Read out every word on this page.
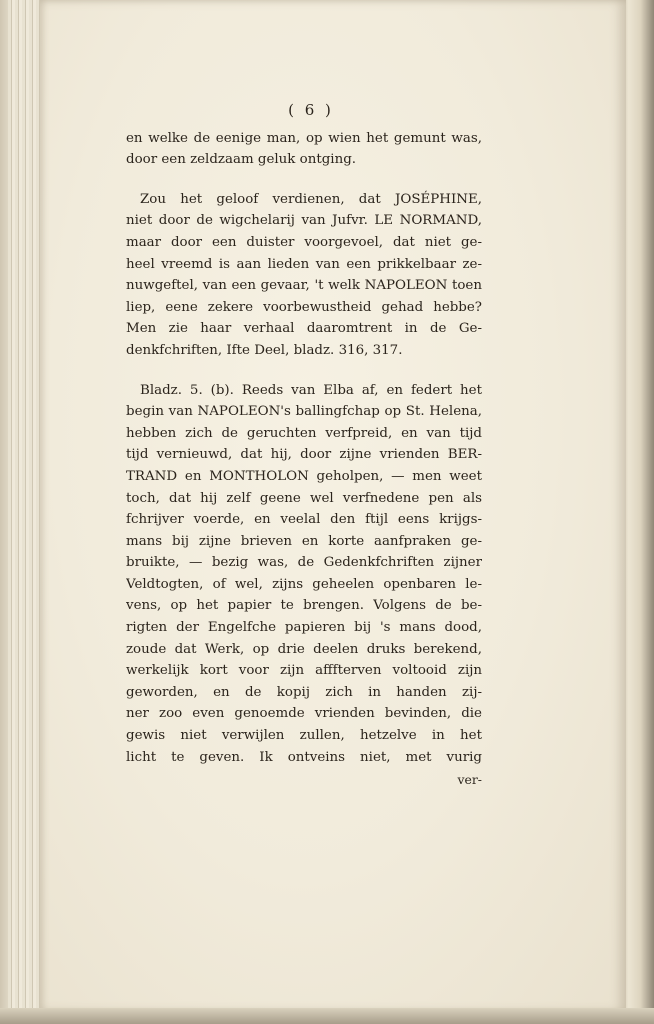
( 6 )
en welke de eenige man, op wien het gemunt was,
door een zeldzaam geluk ontging.
Zou het geloof verdienen, dat JOSÉPHINE,
niet door de wigchelarij van Jufvr. LE NORMAND,
maar door een duister voorgevoel, dat niet ge-
heel vreemd is aan lieden van een prikkelbaar ze-
nuwgeftel, van een gevaar, 't welk NAPOLEON toen
liep, eene zekere voorbewustheid gehad hebbe?
Men zie haar verhaal daaromtrent in de Ge-
denkfchriften, Ifte Deel, bladz. 316, 317.
Bladz. 5. (b). Reeds van Elba af, en federt het
begin van NAPOLEON's ballingfchap op St. Helena,
hebben zich de geruchten verfpreid, en van tijd
tijd vernieuwd, dat hij, door zijne vrienden BER-
TRAND en MONTHOLON geholpen, — men weet
toch, dat hij zelf geene wel verfnedene pen als
fchrijver voerde, en veelal den ftijl eens krijgs-
mans bij zijne brieven en korte aanfpraken ge-
bruikte, — bezig was, de Gedenkfchriften zijner
Veldtogten, of wel, zijns geheelen openbaren le-
vens, op het papier te brengen. Volgens de be-
rigten der Engelfche papieren bij 's mans dood,
zoude dat Werk, op drie deelen druks berekend,
werkelijk kort voor zijn afffterven voltooid zijn
geworden, en de kopij zich in handen zij-
ner zoo even genoemde vrienden bevinden, die
gewis niet verwijlen zullen, hetzelve in het
licht te geven. Ik ontveins niet, met vurig
ver-
